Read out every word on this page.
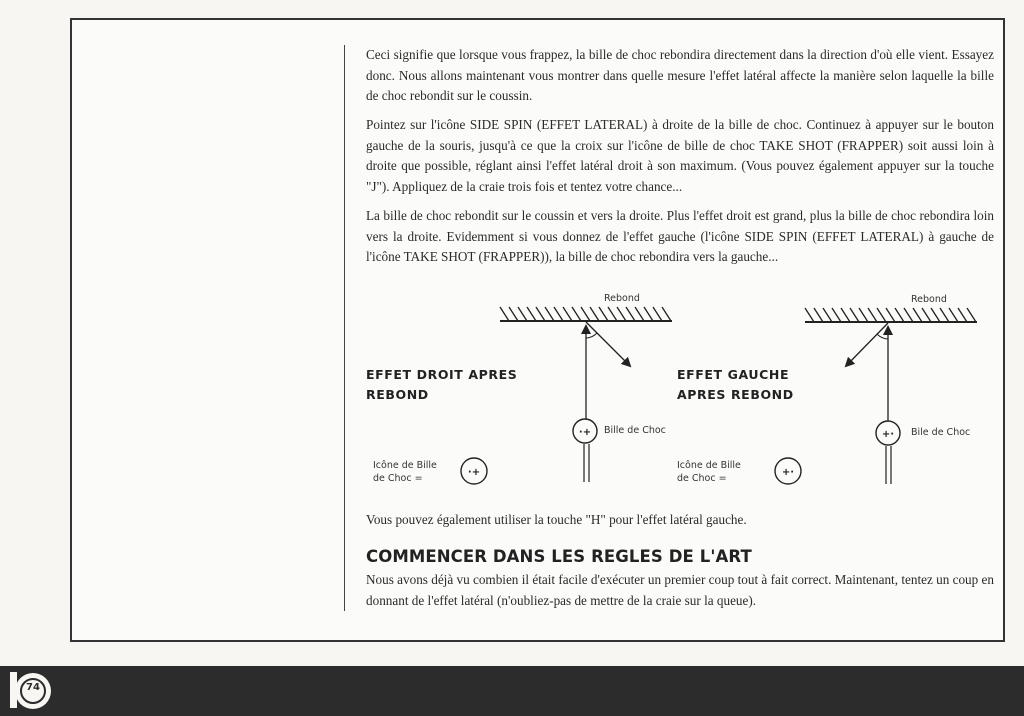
Ceci signifie que lorsque vous frappez, la bille de choc rebondira directement dans la direction d'où elle vient. Essayez donc. Nous allons maintenant vous montrer dans quelle mesure l'effet latéral affecte la manière selon laquelle la bille de choc rebondit sur le coussin.

Pointez sur l'icône SIDE SPIN (EFFET LATERAL) à droite de la bille de choc. Continuez à appuyer sur le bouton gauche de la souris, jusqu'à ce que la croix sur l'icône de bille de choc TAKE SHOT (FRAPPER) soit aussi loin à droite que possible, réglant ainsi l'effet latéral droit à son maximum. (Vous pouvez également appuyer sur la touche "J"). Appliquez de la craie trois fois et tentez votre chance...

La bille de choc rebondit sur le coussin et vers la droite. Plus l'effet droit est grand, plus la bille de choc rebondira loin vers la droite. Evidemment si vous donnez de l'effet gauche (l'icône SIDE SPIN (EFFET LATERAL) à gauche de l'icône TAKE SHOT (FRAPPER)), la bille de choc rebondira vers la gauche...

EFFET DROIT APRES
REBOND

EFFET GAUCHE
APRES REBOND

Rebond	Rebond

Bille de Choc	Bile de Choc

Icône de Bille
de Choc =

Icône de Bille
de Choc =

·+
·+
+·
+·

Vous pouvez également utiliser la touche "H" pour l'effet latéral gauche.

COMMENCER DANS LES REGLES DE L'ART

Nous avons déjà vu combien il était facile d'exécuter un premier coup tout à fait correct. Maintenant, tentez un coup en donnant de l'effet latéral (n'oubliez-pas de mettre de la craie sur la queue).

74
